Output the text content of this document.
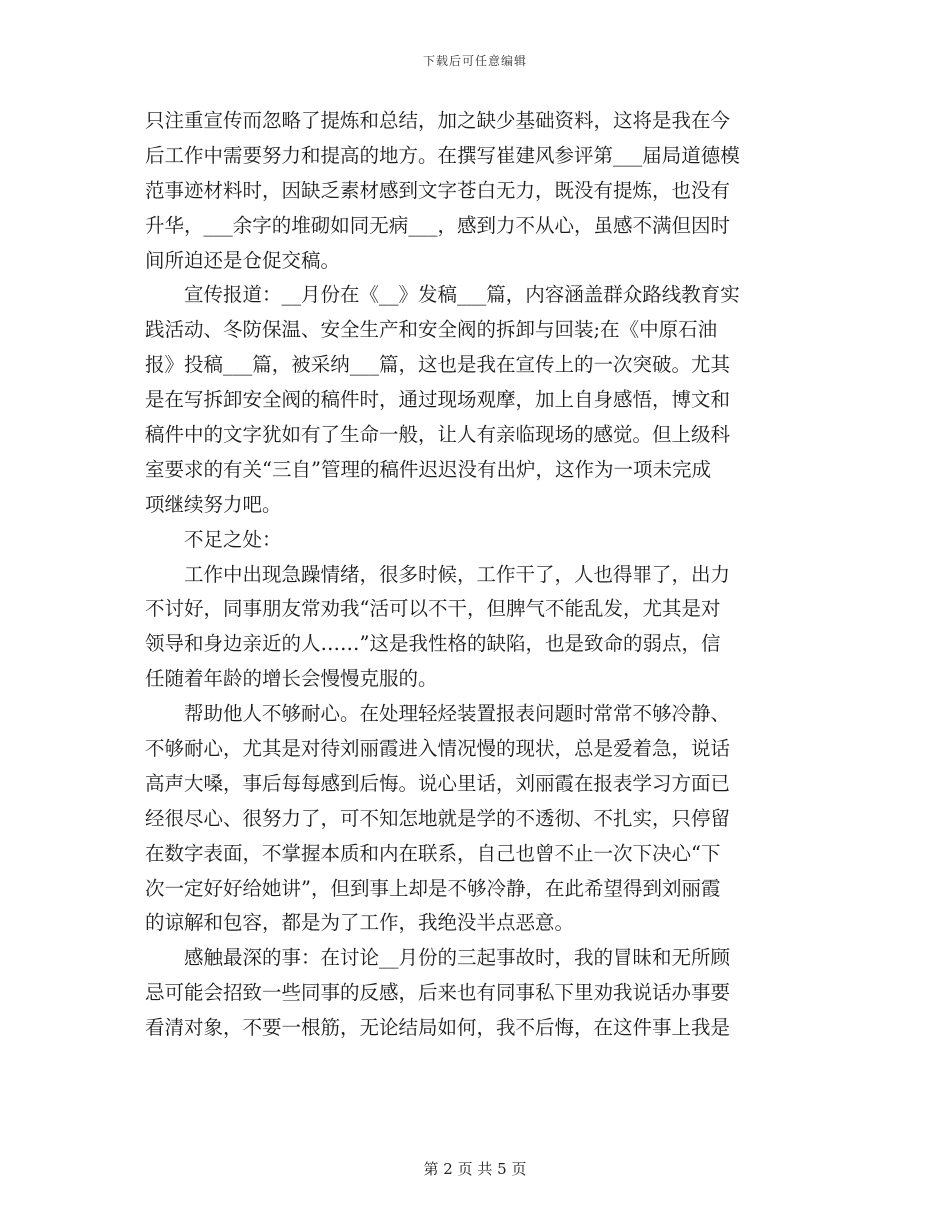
下载后可任意编辑
只注重宣传而忽略了提炼和总结，加之缺少基础资料，这将是我在今
后工作中需要努力和提高的地方。在撰写崔建风参评第___届局道德模
范事迹材料时，因缺乏素材感到文字苍白无力，既没有提炼，也没有
升华，___余字的堆砌如同无病___，感到力不从心，虽感不满但因时
间所迫还是仓促交稿。
宣传报道：__月份在《__》发稿___篇，内容涵盖群众路线教育实
践活动、冬防保温、安全生产和安全阀的拆卸与回装;在《中原石油
报》投稿___篇，被采纳___篇，这也是我在宣传上的一次突破。尤其
是在写拆卸安全阀的稿件时，通过现场观摩，加上自身感悟，博文和
稿件中的文字犹如有了生命一般，让人有亲临现场的感觉。但上级科
室要求的有关“三自”管理的稿件迟迟没有出炉，这作为一项未完成
项继续努力吧。
不足之处：
工作中出现急躁情绪，很多时候，工作干了，人也得罪了，出力
不讨好，同事朋友常劝我“活可以不干，但脾气不能乱发，尤其是对
领导和身边亲近的人……”这是我性格的缺陷，也是致命的弱点，信
任随着年龄的增长会慢慢克服的。
帮助他人不够耐心。在处理轻烃装置报表问题时常常不够冷静、
不够耐心，尤其是对待刘丽霞进入情况慢的现状，总是爱着急，说话
高声大嗓，事后每每感到后悔。说心里话，刘丽霞在报表学习方面已
经很尽心、很努力了，可不知怎地就是学的不透彻、不扎实，只停留
在数字表面，不掌握本质和内在联系，自己也曾不止一次下决心“下
次一定好好给她讲”，但到事上却是不够冷静，在此希望得到刘丽霞
的谅解和包容，都是为了工作，我绝没半点恶意。
感触最深的事：在讨论__月份的三起事故时，我的冒昧和无所顾
忌可能会招致一些同事的反感，后来也有同事私下里劝我说话办事要
看清对象，不要一根筋，无论结局如何，我不后悔，在这件事上我是
第 2 页 共 5 页
